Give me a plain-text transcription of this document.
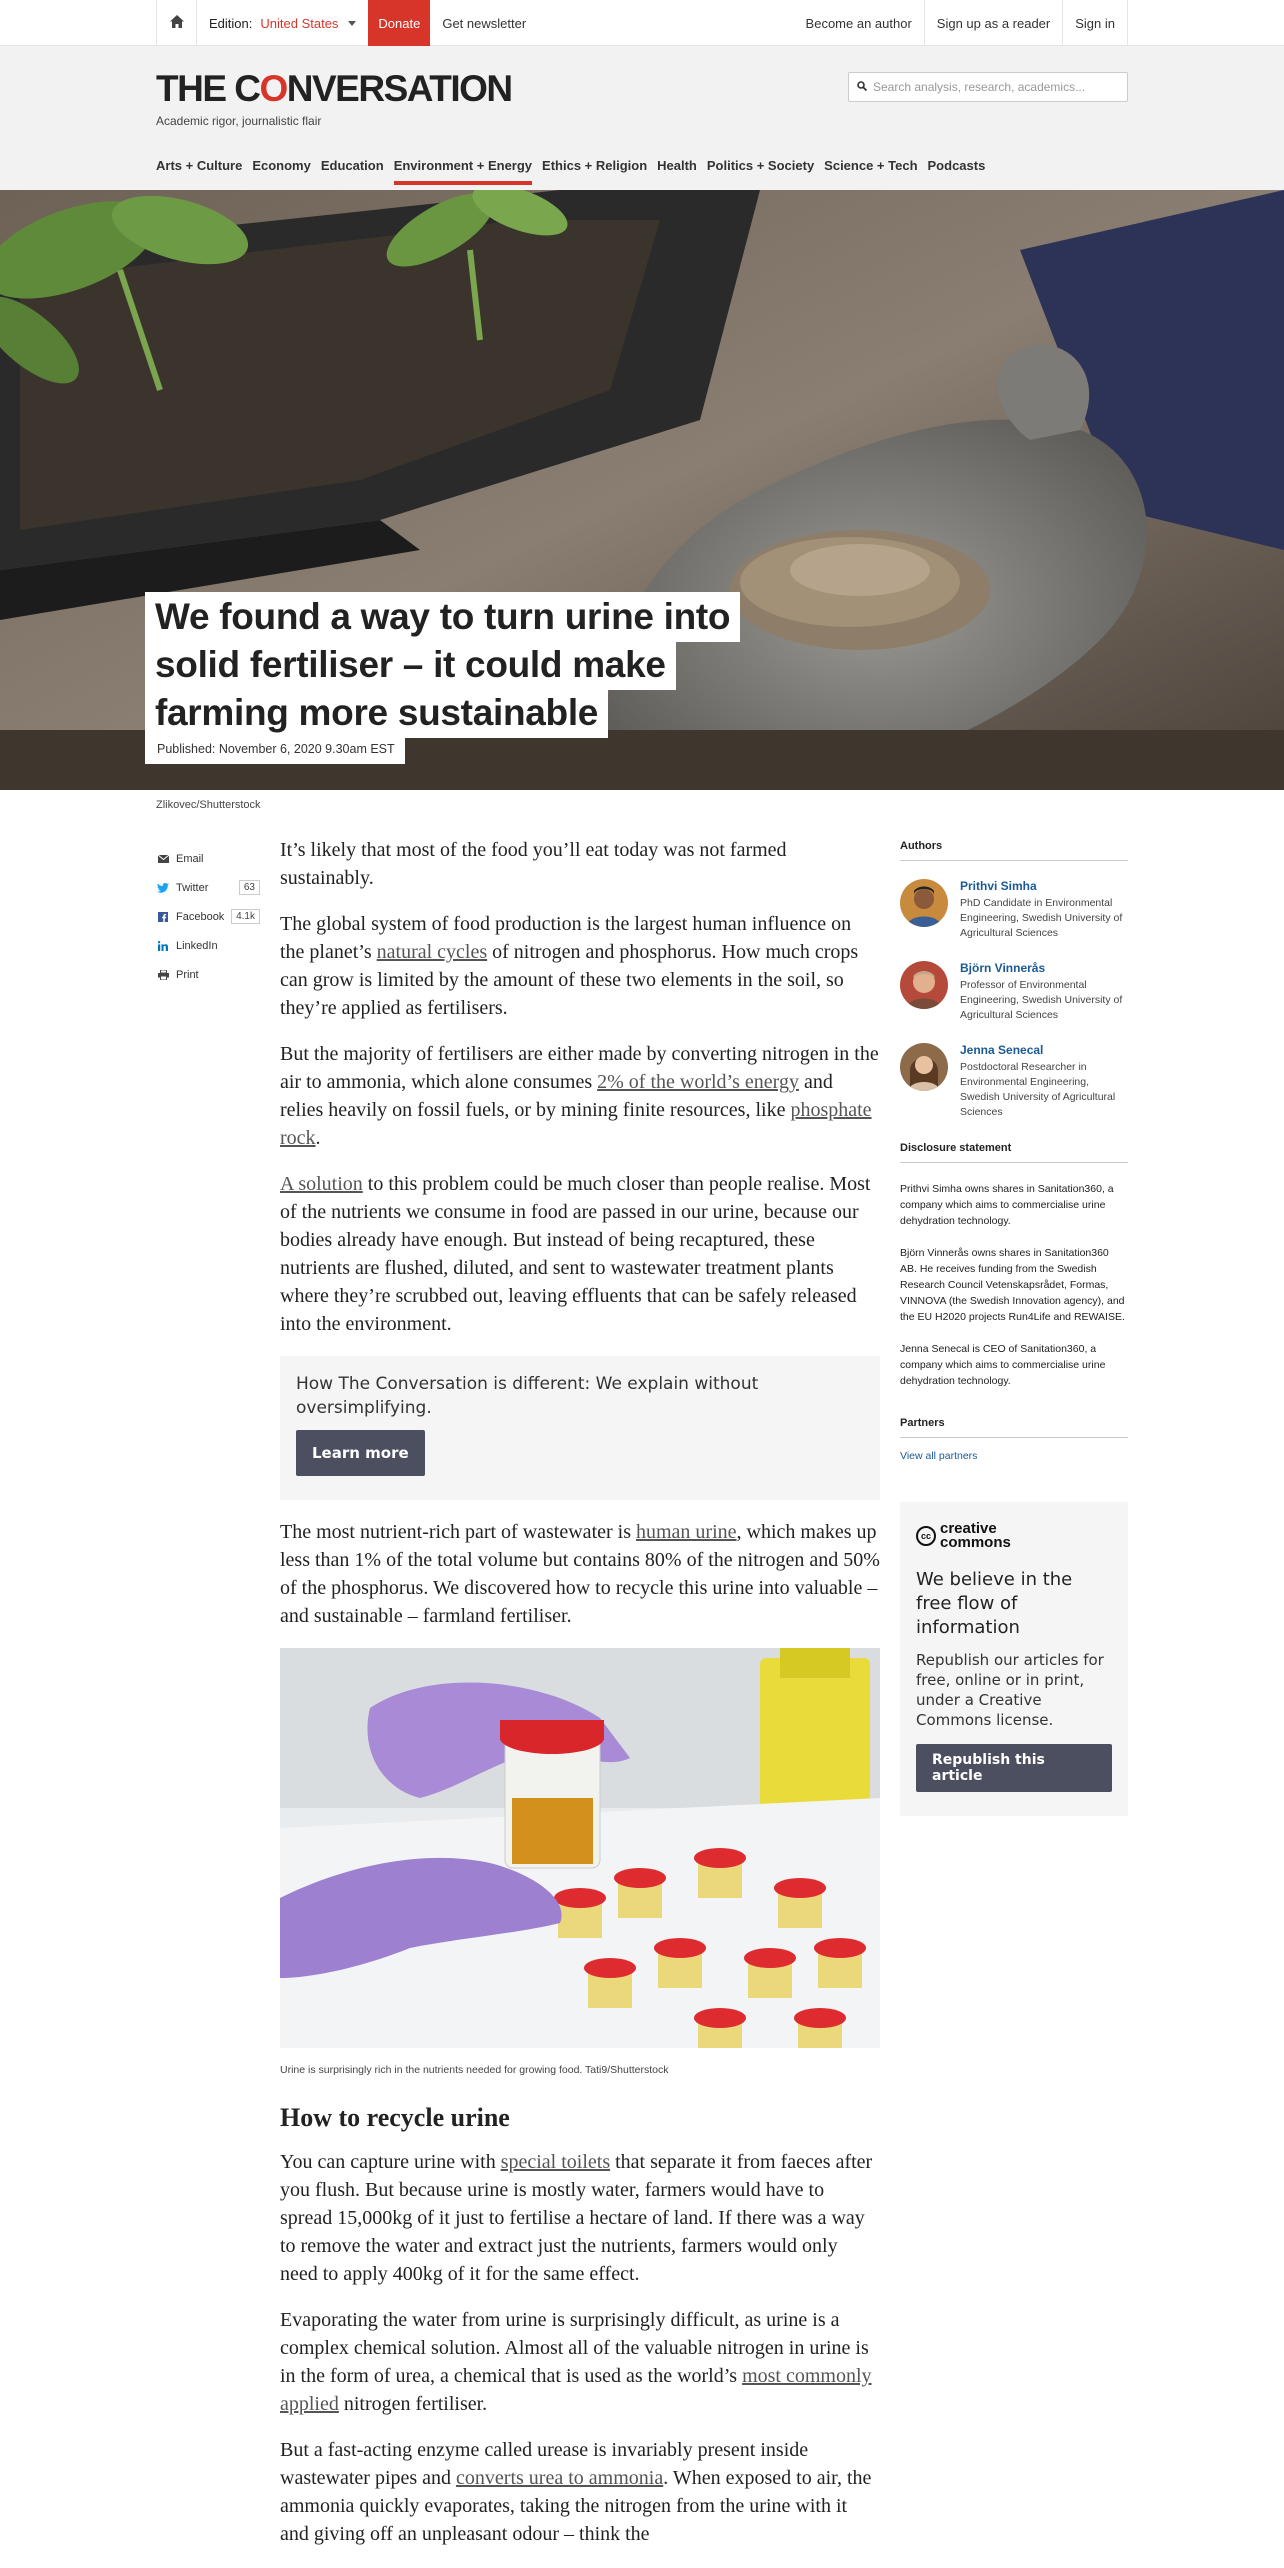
Edition: United States	Donate	Get newsletter	Become an author	Sign up as a reader	Sign in
THE CONVERSATION
Academic rigor, journalistic flair
Search analysis, research, academics...
Arts + Culture Economy Education Environment + Energy Ethics + Religion Health Politics + Society Science + Tech Podcasts
We found a way to turn urine into
solid fertiliser – it could make
farming more sustainable
Published: November 6, 2020 9.30am EST
Zlikovec/Shutterstock
Email
Twitter	63
Facebook	4.1k
LinkedIn
Print

It’s likely that most of the food you’ll eat today was not farmed sustainably.

The global system of food production is the largest human influence on the planet’s natural cycles of nitrogen and phosphorus. How much crops can grow is limited by the amount of these two elements in the soil, so they’re applied as fertilisers.

But the majority of fertilisers are either made by converting nitrogen in the air to ammonia, which alone consumes 2% of the world’s energy and relies heavily on fossil fuels, or by mining finite resources, like phosphate rock.

A solution to this problem could be much closer than people realise. Most of the nutrients we consume in food are passed in our urine, because our bodies already have enough. But instead of being recaptured, these nutrients are flushed, diluted, and sent to wastewater treatment plants where they’re scrubbed out, leaving effluents that can be safely released into the environment.

How The Conversation is different: We explain without oversimplifying.
Learn more

The most nutrient-rich part of wastewater is human urine, which makes up less than 1% of the total volume but contains 80% of the nitrogen and 50% of the phosphorus. We discovered how to recycle this urine into valuable – and sustainable – farmland fertiliser.

Urine is surprisingly rich in the nutrients needed for growing food. Tati9/Shutterstock
How to recycle urine

You can capture urine with special toilets that separate it from faeces after you flush. But because urine is mostly water, farmers would have to spread 15,000kg of it just to fertilise a hectare of land. If there was a way to remove the water and extract just the nutrients, farmers would only need to apply 400kg of it for the same effect.

Evaporating the water from urine is surprisingly difficult, as urine is a complex chemical solution. Almost all of the valuable nitrogen in urine is in the form of urea, a chemical that is used as the world’s most commonly applied nitrogen fertiliser.

But a fast-acting enzyme called urease is invariably present inside wastewater pipes and converts urea to ammonia. When exposed to air, the ammonia quickly evaporates, taking the nitrogen from the urine with it and giving off an unpleasant odour – think the

Authors
Prithvi Simha
PhD Candidate in Environmental Engineering, Swedish University of Agricultural Sciences
Björn Vinnerås
Professor of Environmental Engineering, Swedish University of Agricultural Sciences
Jenna Senecal
Postdoctoral Researcher in Environmental Engineering, Swedish University of Agricultural Sciences
Disclosure statement

Prithvi Simha owns shares in Sanitation360, a company which aims to commercialise urine dehydration technology.

Björn Vinnerås owns shares in Sanitation360 AB. He receives funding from the Swedish Research Council Vetenskapsrådet, Formas, VINNOVA (the Swedish Innovation agency), and the EU H2020 projects Run4Life and REWAISE.

Jenna Senecal is CEO of Sanitation360, a company which aims to commercialise urine dehydration technology.

Partners
View all partners
cc creative
commons
We believe in the free flow of information
Republish our articles for free, online or in print, under a Creative Commons license.
Republish this article
